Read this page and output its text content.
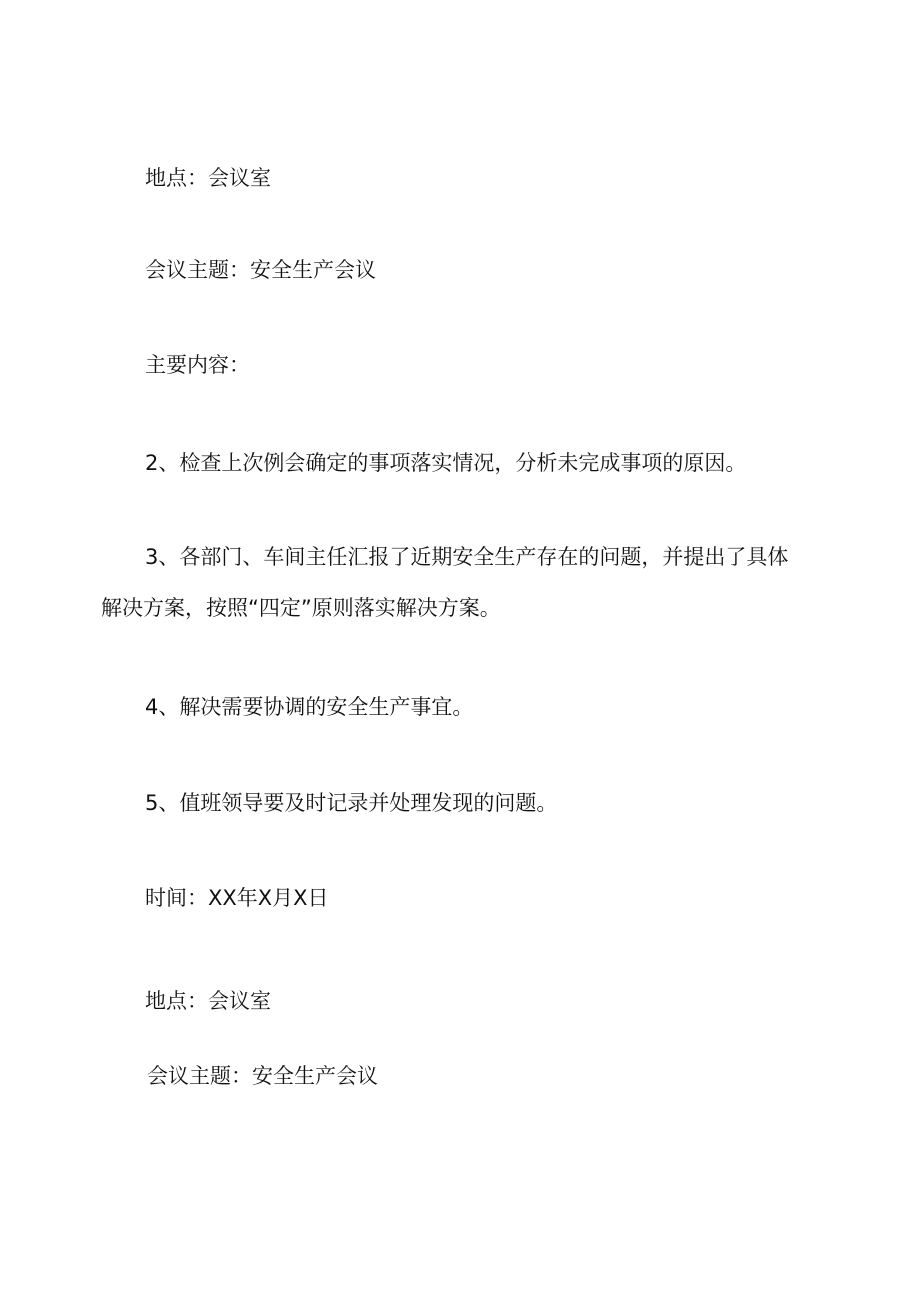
地点：会议室

会议主题：安全生产会议

主要内容：

2、检查上次例会确定的事项落实情况，分析未完成事项的原因。

3、各部门、车间主任汇报了近期安全生产存在的问题，并提出了具体

解决方案，按照“四定”原则落实解决方案。

4、解决需要协调的安全生产事宜。

5、值班领导要及时记录并处理发现的问题。

时间：XX年X月X日

地点：会议室

会议主题：安全生产会议
